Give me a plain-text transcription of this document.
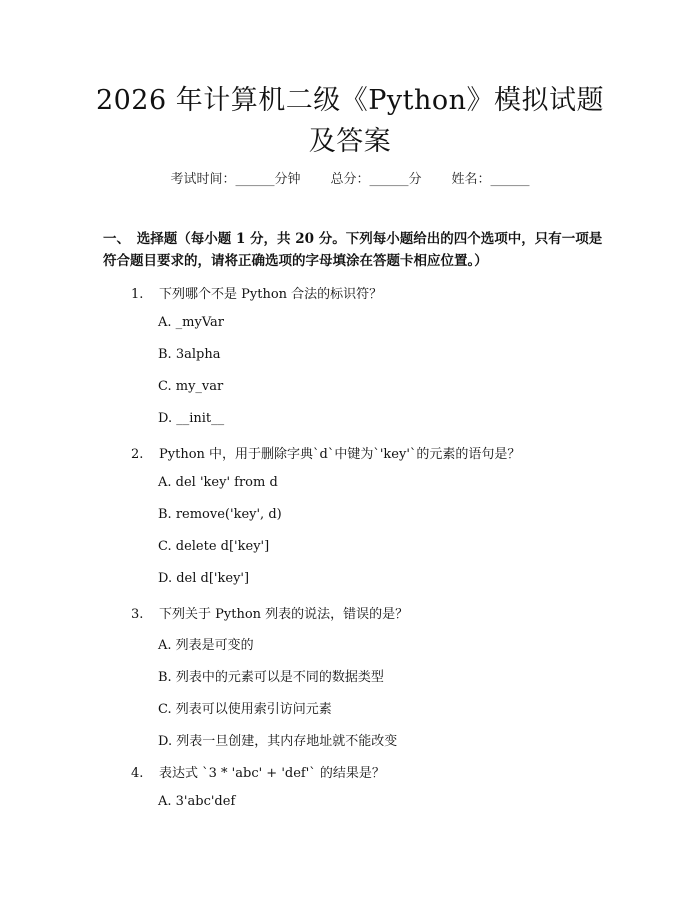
2026 年计算机二级《Python》模拟试题及答案
考试时间：______分钟 总分：______分 姓名：______
一、　选择题（每小题 1 分，共 20 分。下列每小题给出的四个选项中，只有一项是符合题目要求的，请将正确选项的字母填涂在答题卡相应位置。）
1. 下列哪个不是 Python 合法的标识符？
A. _myVar
B. 3alpha
C. my_var
D. __init__
2. Python 中，用于删除字典`d`中键为`'key'`的元素的语句是？
A. del 'key' from d
B. remove('key', d)
C. delete d['key']
D. del d['key']
3. 下列关于 Python 列表的说法，错误的是？
A. 列表是可变的
B. 列表中的元素可以是不同的数据类型
C. 列表可以使用索引访问元素
D. 列表一旦创建，其内存地址就不能改变
4. 表达式 `3 * 'abc' + 'def'` 的结果是？
A. 3'abc'def
